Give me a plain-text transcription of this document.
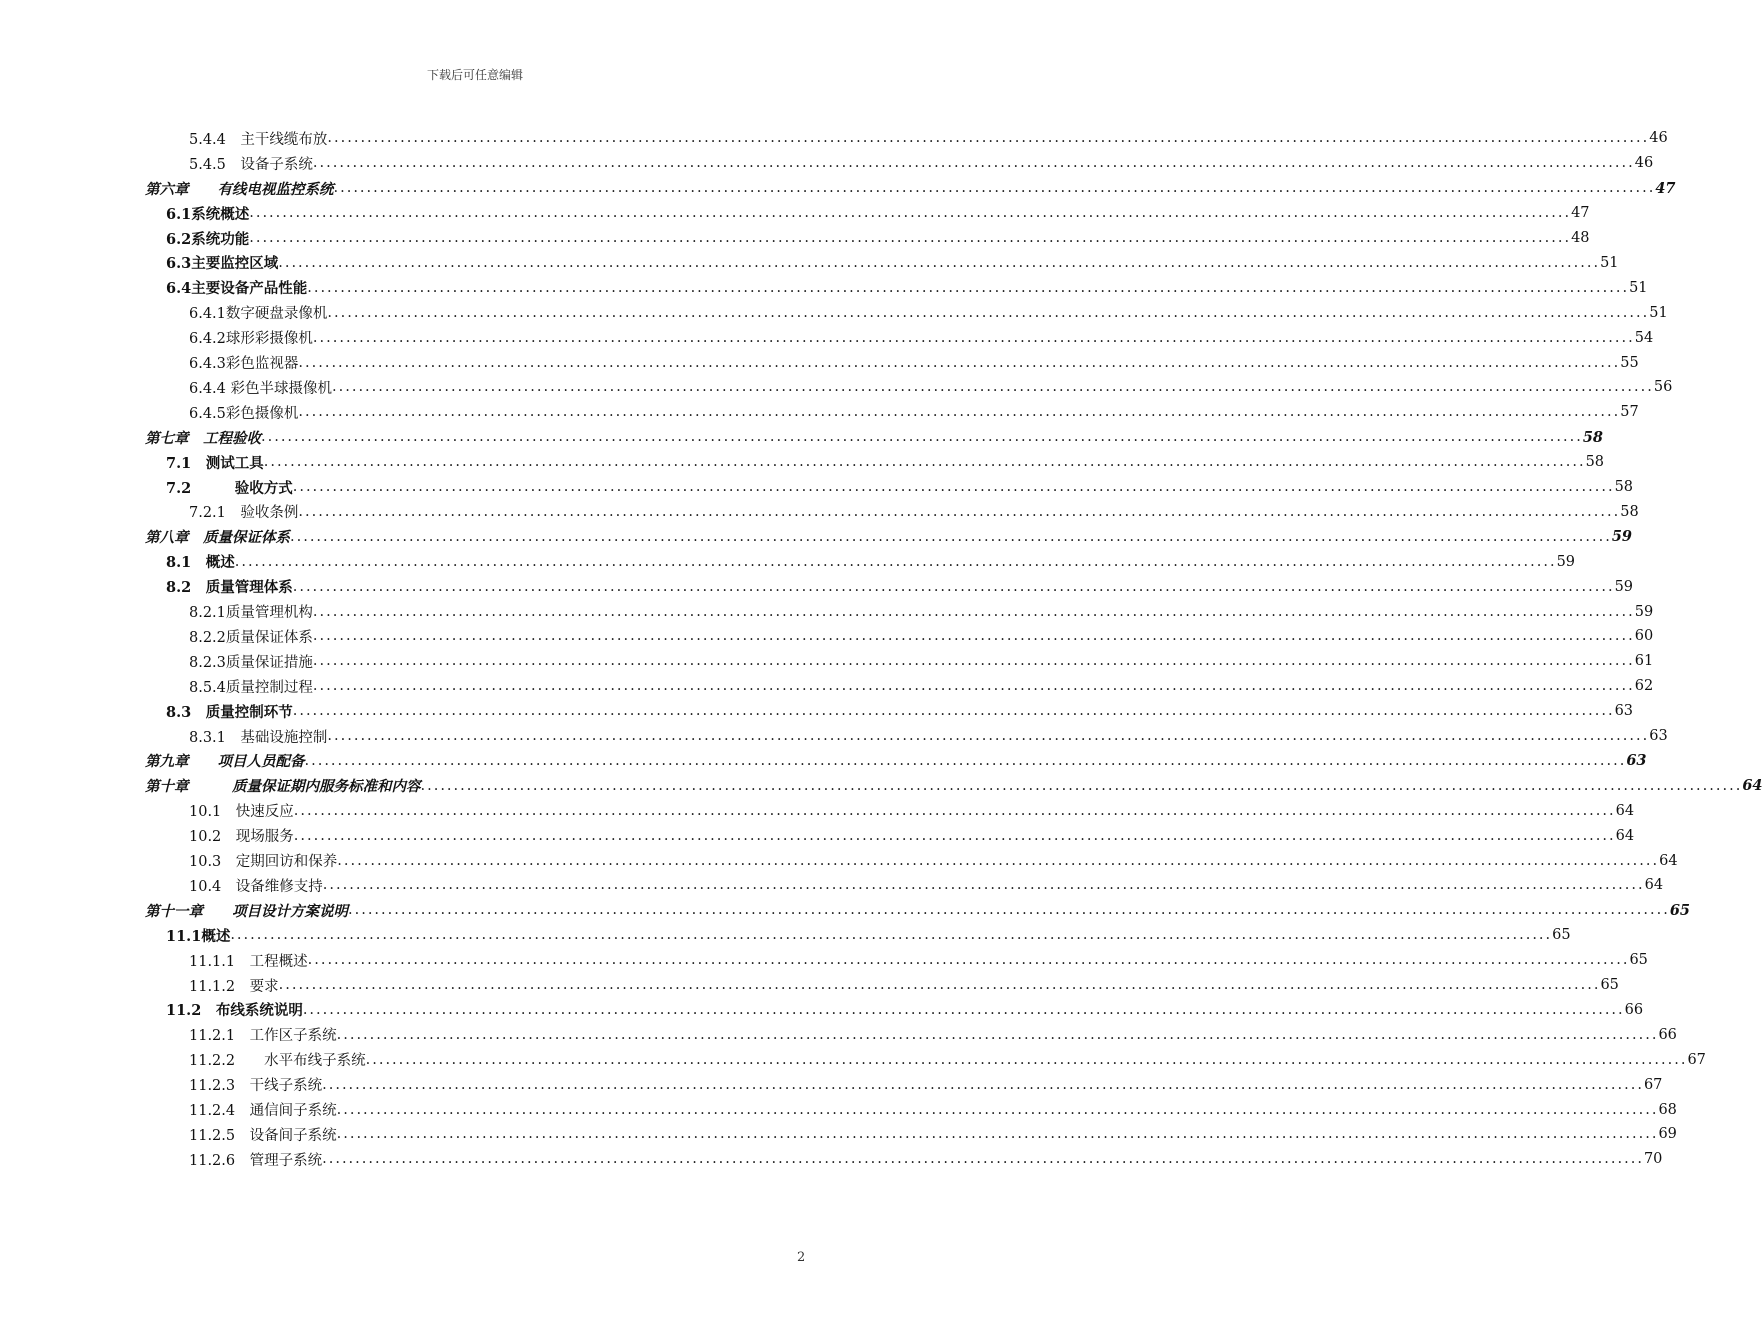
下载后可任意编辑
5.4.4　主干线缆布放 ........................................................................................................................................................................................................ 46
5.4.5　设备子系统 ........................................................................................................................................................................................................ 46
第六章　　有线电视监控系统 ........................................................................................................................................................................................................ 47
6.1系统概述 ........................................................................................................................................................................................................ 47
6.2系统功能 ........................................................................................................................................................................................................ 48
6.3主要监控区域 ........................................................................................................................................................................................................ 51
6.4主要设备产品性能 ........................................................................................................................................................................................................ 51
6.4.1数字硬盘录像机 ........................................................................................................................................................................................................ 51
6.4.2球形彩摄像机 ........................................................................................................................................................................................................ 54
6.4.3彩色监视器 ........................................................................................................................................................................................................ 55
6.4.4 彩色半球摄像机 ........................................................................................................................................................................................................ 56
6.4.5彩色摄像机 ........................................................................................................................................................................................................ 57
第七章　工程验收 ........................................................................................................................................................................................................ 58
7.1　测试工具 ........................................................................................................................................................................................................ 58
7.2　　　验收方式 ........................................................................................................................................................................................................ 58
7.2.1　验收条例 ........................................................................................................................................................................................................ 58
第八章　质量保证体系 ........................................................................................................................................................................................................ 59
8.1　概述 ........................................................................................................................................................................................................ 59
8.2　质量管理体系 ........................................................................................................................................................................................................ 59
8.2.1质量管理机构 ........................................................................................................................................................................................................ 59
8.2.2质量保证体系 ........................................................................................................................................................................................................ 60
8.2.3质量保证措施 ........................................................................................................................................................................................................ 61
8.5.4质量控制过程 ........................................................................................................................................................................................................ 62
8.3　质量控制环节 ........................................................................................................................................................................................................ 63
8.3.1　基础设施控制 ........................................................................................................................................................................................................ 63
第九章　　项目人员配备 ........................................................................................................................................................................................................ 63
第十章　　　质量保证期内服务标准和内容 ........................................................................................................................................................................................................ 64
10.1　快速反应 ........................................................................................................................................................................................................ 64
10.2　现场服务 ........................................................................................................................................................................................................ 64
10.3　定期回访和保养 ........................................................................................................................................................................................................ 64
10.4　设备维修支持 ........................................................................................................................................................................................................ 64
第十一章　　项目设计方案说明 ........................................................................................................................................................................................................ 65
11.1概述 ........................................................................................................................................................................................................ 65
11.1.1　工程概述 ........................................................................................................................................................................................................ 65
11.1.2　要求 ........................................................................................................................................................................................................ 65
11.2　布线系统说明 ........................................................................................................................................................................................................ 66
11.2.1　工作区子系统 ........................................................................................................................................................................................................ 66
11.2.2　　水平布线子系统 ........................................................................................................................................................................................................ 67
11.2.3　干线子系统 ........................................................................................................................................................................................................ 67
11.2.4　通信间子系统 ........................................................................................................................................................................................................ 68
11.2.5　设备间子系统 ........................................................................................................................................................................................................ 69
11.2.6　管理子系统 ........................................................................................................................................................................................................ 70
2
